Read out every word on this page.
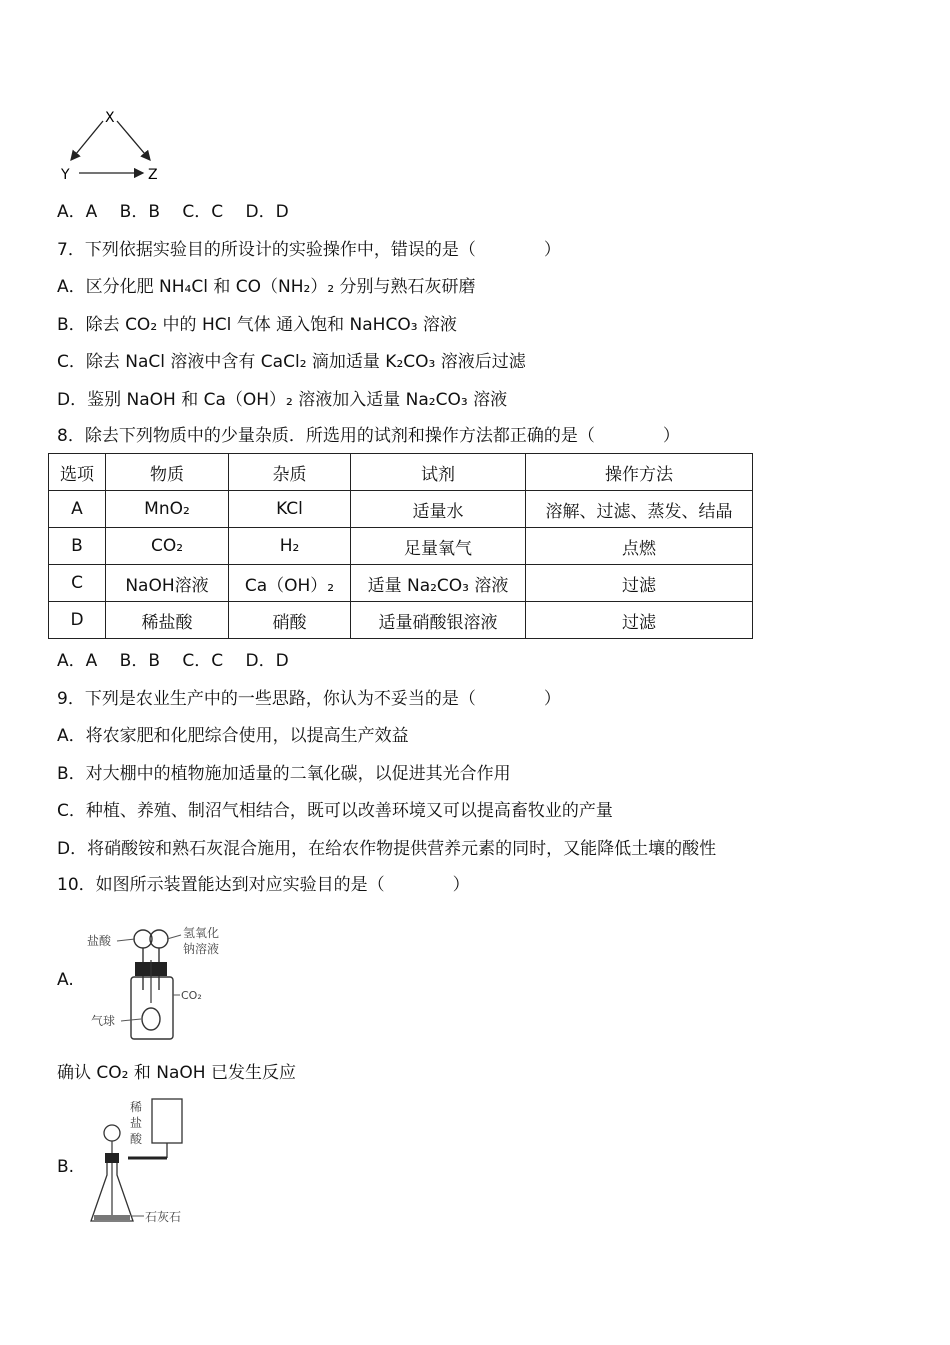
X
Y	Z
A．A　 B．B　 C．C　 D．D
7．下列依据实验目的所设计的实验操作中，错误的是（　　　　）
A．区分化肥 NH₄Cl 和 CO（NH₂）₂ 分别与熟石灰研磨
B．除去 CO₂ 中的 HCl 气体 通入饱和 NaHCO₃ 溶液
C．除去 NaCl 溶液中含有 CaCl₂ 滴加适量 K₂CO₃ 溶液后过滤
D．鉴别 NaOH 和 Ca（OH）₂ 溶液加入适量 Na₂CO₃ 溶液
8．除去下列物质中的少量杂质．所选用的试剂和操作方法都正确的是（　　　　）
选项	物质	杂质	试剂	操作方法
A	MnO₂	KCl	适量水	溶解、过滤、蒸发、结晶
B	CO₂	H₂	足量氧气	点燃
C	NaOH溶液	Ca（OH）₂	适量 Na₂CO₃ 溶液	过滤
D	稀盐酸	硝酸	适量硝酸银溶液	过滤
A．A　 B．B　 C．C　 D．D
9．下列是农业生产中的一些思路，你认为不妥当的是（　　　　）
A．将农家肥和化肥综合使用，以提高生产效益
B．对大棚中的植物施加适量的二氧化碳，以促进其光合作用
C．种植、养殖、制沼气相结合，既可以改善环境又可以提高畜牧业的产量
D．将硝酸铵和熟石灰混合施用，在给农作物提供营养元素的同时，又能降低土壤的酸性
10．如图所示装置能达到对应实验目的是（　　　　）
A.
盐酸
氢氧化
钠溶液
CO₂
气球
确认 CO₂ 和 NaOH 已发生反应
B.
稀
盐
酸
石灰石
